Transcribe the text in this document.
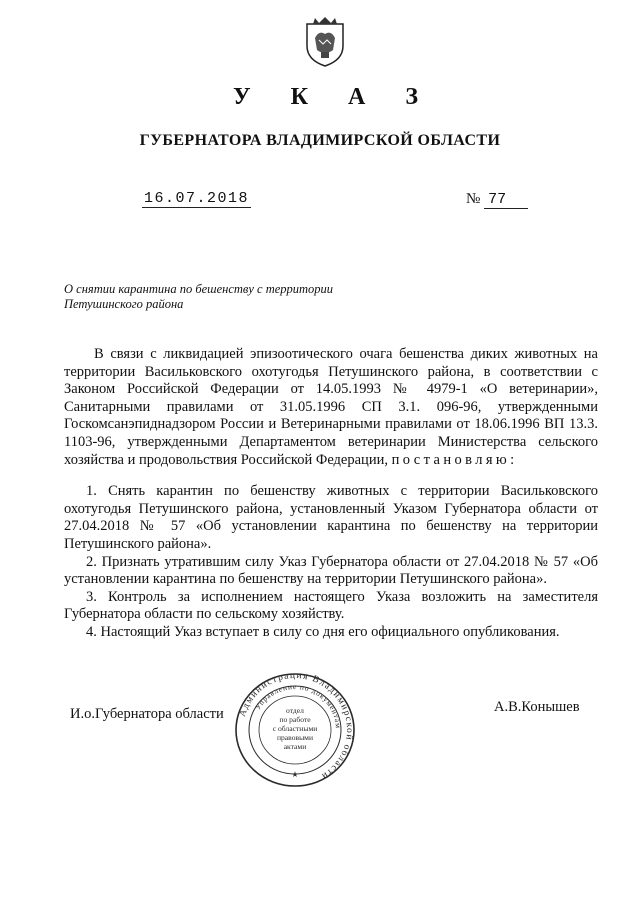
У К А З
ГУБЕРНАТОРА ВЛАДИМИРСКОЙ ОБЛАСТИ
16.07.2018	№ 77
О снятии карантина по бешенству с территории
Петушинского района

В связи с ликвидацией эпизоотического очага бешенства диких животных на территории Васильковского охотугодья Петушинского района, в соответствии с Законом Российской Федерации от 14.05.1993 № 4979-1 «О ветеринарии», Санитарными правилами от 31.05.1996 СП 3.1. 096-96, утвержденными Госкомсанэпиднадзором России и Ветеринарными правилами от 18.06.1996 ВП 13.3. 1103-96, утвержденными Департаментом ветеринарии Министерства сельского хозяйства и продовольствия Российской Федерации, постановляю:

1. Снять карантин по бешенству животных с территории Васильковского охотугодья Петушинского района, установленный Указом Губернатора области от 27.04.2018 № 57 «Об установлении карантина по бешенству на территории Петушинского района».

2. Признать утратившим силу Указ Губернатора области от 27.04.2018 № 57 «Об установлении карантина по бешенству на территории Петушинского района».

3. Контроль за исполнением настоящего Указа возложить на заместителя Губернатора области по сельскому хозяйству.

4. Настоящий Указ вступает в силу со дня его официального опубликования.

И.о.Губернатора области	А.В.Конышев
Администрация Владимирской области
Управление по документам
отдел
по работе
с областными
правовыми
актами
★
